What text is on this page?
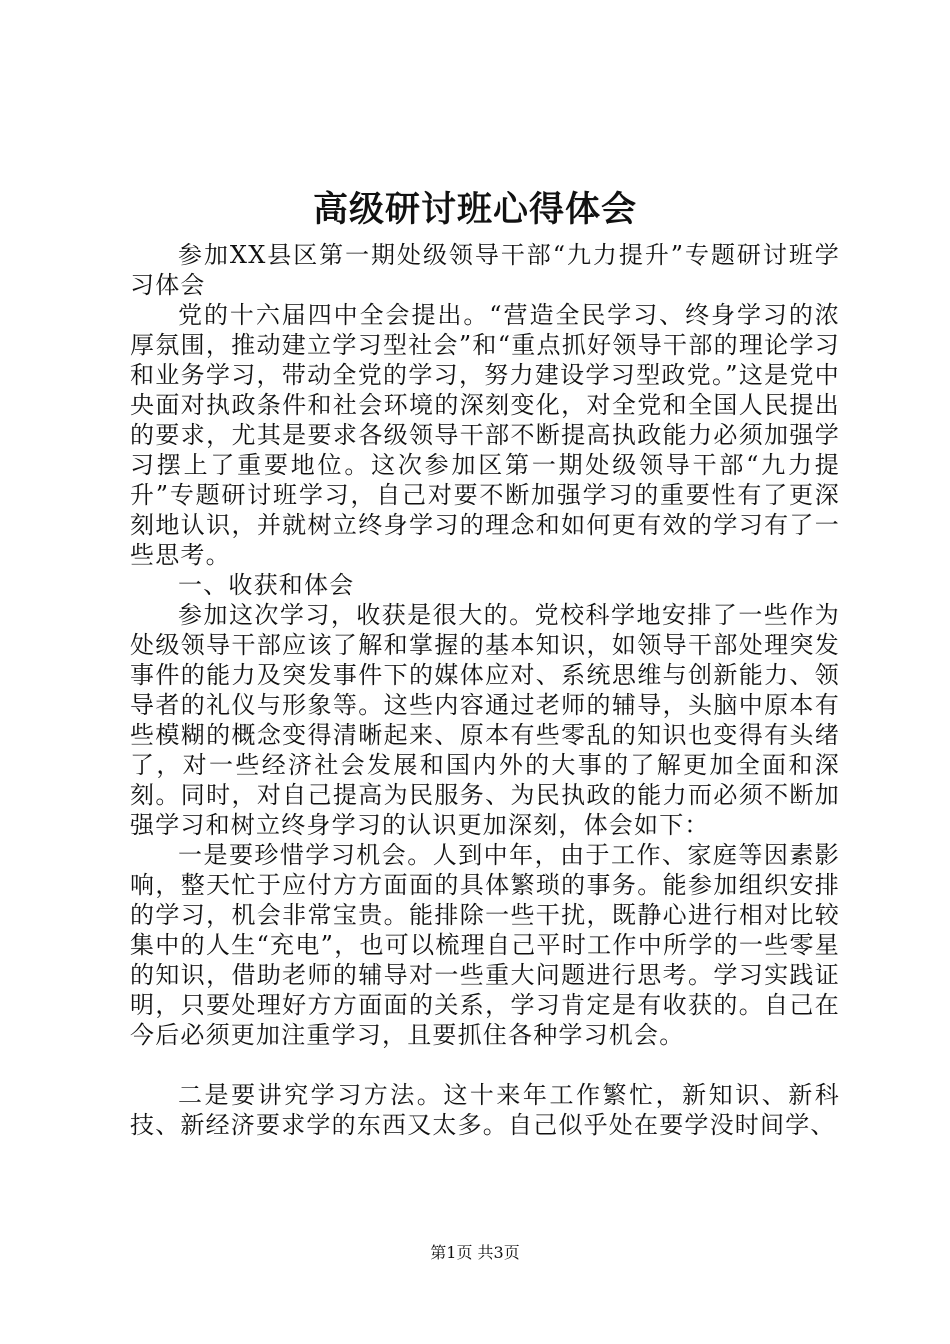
高级研讨班心得体会

参加XX县区第一期处级领导干部“九力提升”专题研讨班学习体会

党的十六届四中全会提出。“营造全民学习、终身学习的浓厚氛围，推动建立学习型社会”和“重点抓好领导干部的理论学习和业务学习，带动全党的学习，努力建设学习型政党。”这是党中央面对执政条件和社会环境的深刻变化，对全党和全国人民提出的要求，尤其是要求各级领导干部不断提高执政能力必须加强学习摆上了重要地位。这次参加区第一期处级领导干部“九力提升”专题研讨班学习，自己对要不断加强学习的重要性有了更深刻地认识，并就树立终身学习的理念和如何更有效的学习有了一些思考。

一、收获和体会

参加这次学习，收获是很大的。党校科学地安排了一些作为处级领导干部应该了解和掌握的基本知识，如领导干部处理突发事件的能力及突发事件下的媒体应对、系统思维与创新能力、领导者的礼仪与形象等。这些内容通过老师的辅导，头脑中原本有些模糊的概念变得清晰起来、原本有些零乱的知识也变得有头绪了，对一些经济社会发展和国内外的大事的了解更加全面和深刻。同时，对自己提高为民服务、为民执政的能力而必须不断加强学习和树立终身学习的认识更加深刻，体会如下：

一是要珍惜学习机会。人到中年，由于工作、家庭等因素影响，整天忙于应付方方面面的具体繁琐的事务。能参加组织安排的学习，机会非常宝贵。能排除一些干扰，既静心进行相对比较集中的人生“充电”，也可以梳理自己平时工作中所学的一些零星的知识，借助老师的辅导对一些重大问题进行思考。学习实践证明，只要处理好方方面面的关系，学习肯定是有收获的。自己在今后必须更加注重学习，且要抓住各种学习机会。

二是要讲究学习方法。这十来年工作繁忙，新知识、新科技、新经济要求学的东西又太多。自己似乎处在要学没时间学、

第1页 共3页
